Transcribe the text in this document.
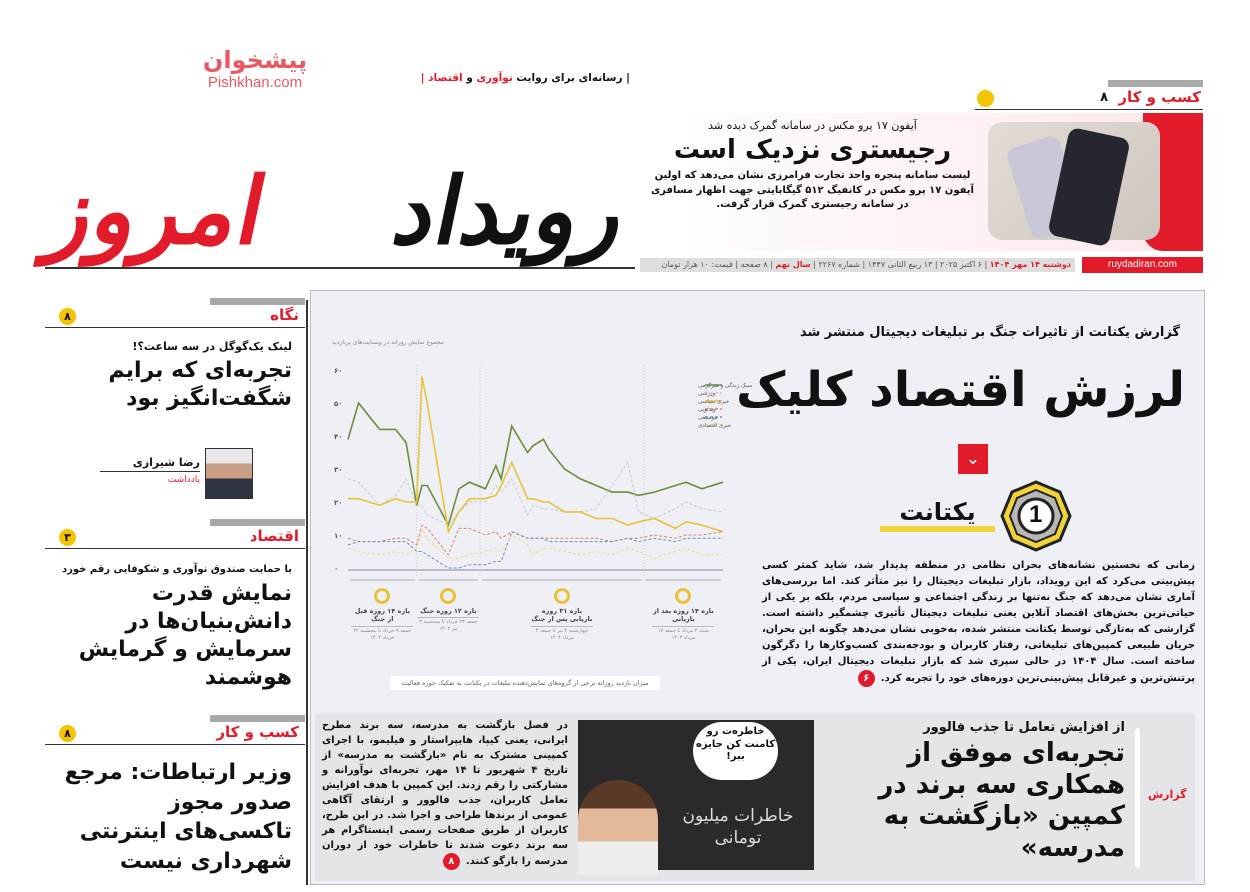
رویداد
امروز
پیشخوان
Pishkhan.com	| رسانه‌ای برای روایت نوآوری و اقتصاد |
کسب و کار
۸
آیفون ۱۷ پرو مکس در سامانه گمرک دیده شد
رجیستری نزدیک است
لیست سامانه پنجره واحد تجارت فرامرزی نشان می‌دهد که اولین آیفون ۱۷ پرو مکس در کانفیگ ۵۱۲ گیگابایتی جهت اظهار مسافری در سامانه رجیستری گمرک قرار گرفت.
دوشنبه ۱۴ مهر ۱۴۰۴ | ۶ اکتبر ۲۰۲۵ | ۱۳ ربیع الثانی ۱۴۴۷ | شماره ۲۲۶۷ | سال نهم | ۸ صفحه | قیمت: ۱۰ هزار تومان	ruydadiran.com
نگاه
۸
لینک یک‌گوگل در سه ساعت؟!
تجربه‌ای که برایم شگفت‌انگیز بود
رضا شیرازی
یادداشت
اقتصاد
۳
با حمایت صندوق نوآوری و شکوفایی رقم خورد
نمایش قدرت دانش‌بنیان‌ها در سرمایش و گرمایش هوشمند
کسب و کار
۸
وزیر ارتباطات: مرجع صدور مجوز تاکسی‌های اینترنتی شهرداری نیست
گزارش یکتانت از تاثیرات جنگ بر تبلیغات دیجیتال منتشر شد
لرزش اقتصاد کلیک
⌄
1
یکتانت
زمانی که نخستین نشانه‌های بحران نظامی در منطقه پدیدار شد، شاید کمتر کسی پیش‌بینی می‌کرد که این رویداد، بازار تبلیغات دیجیتال را نیز متأثر کند. اما بررسی‌های آماری نشان می‌دهد که جنگ نه‌تنها بر زندگی اجتماعی و سیاسی مردم، بلکه بر یکی از حیاتی‌ترین بخش‌های اقتصاد آنلاین یعنی تبلیغات دیجیتال تأثیری چشمگیر داشته است. گزارشی که به‌تازگی توسط یکتانت منتشر شده، به‌خوبی نشان می‌دهد چگونه این بحران، جریان طبیعی کمپین‌های تبلیغاتی، رفتار کاربران و بودجه‌بندی کسب‌وکارها را دگرگون ساخته است. سال ۱۴۰۴ در حالی سپری شد که بازار تبلیغات دیجیتال ایران، یکی از پرتنش‌ترین و غیرقابل پیش‌بینی‌ترین دوره‌های خود را تجربه کرد.۶
مجموع نمایش روزانه در وبسایت‌های پربازدید
۰
۱۰
۲۰
۳۰
۴۰
۵۰
۶۰
سبک زندگی و سرگرمی
ورزشی
خبری سیاسی
ویدئویی
موسیقی
خبری اقتصادی
بازه ۱۴ روزه قبل از جنگ
جمعه ۹ خرداد تا پنجشنبه ۲۲ خرداد ۱۴۰۴
بازه ۱۲ روزه جنگ
جمعه ۲۳ خرداد تا سه‌شنبه ۳ تیر ۱۴۰۴
بازه ۳۱ روزه بازیابی پس از جنگ
چهارشنبه ۴ تیر تا جمعه ۳ مرداد ۱۴۰۴
بازه ۱۴ روزه بعد از بازیابی
شنبه ۴ مرداد تا جمعه ۱۷ مرداد ۱۴۰۴
میزان بازدید روزانه برخی از گروه‌های نمایش‌دهنده تبلیغات در یکتانت به تفکیک حوزه فعالیت
گزارش
از افزایش تعامل تا جذب فالوور
تجربه‌ای موفق از همکاری سه برند در کمپین «بازگشت به مدرسه»
خاطره‌ت رو کامنت کن جایزه ببر!
خاطرات میلیون تومانی
در فصل بازگشت به مدرسه، سه برند مطرح ایرانی، یعنی کیپا، هایپراستار و فیلیمو، با اجرای کمپینی مشترک به نام «بازگشت به مدرسه» از تاریخ ۴ شهریور تا ۱۴ مهر، تجربه‌ای نوآورانه و مشارکتی را رقم زدند. این کمپین با هدف افزایش تعامل کاربران، جذب فالوور و ارتقای آگاهی عمومی از برندها طراحی و اجرا شد. در این طرح، کاربران از طریق صفحات رسمی اینستاگرام هر سه برند دعوت شدند تا خاطرات خود از دوران مدرسه را بازگو کنند.۸
